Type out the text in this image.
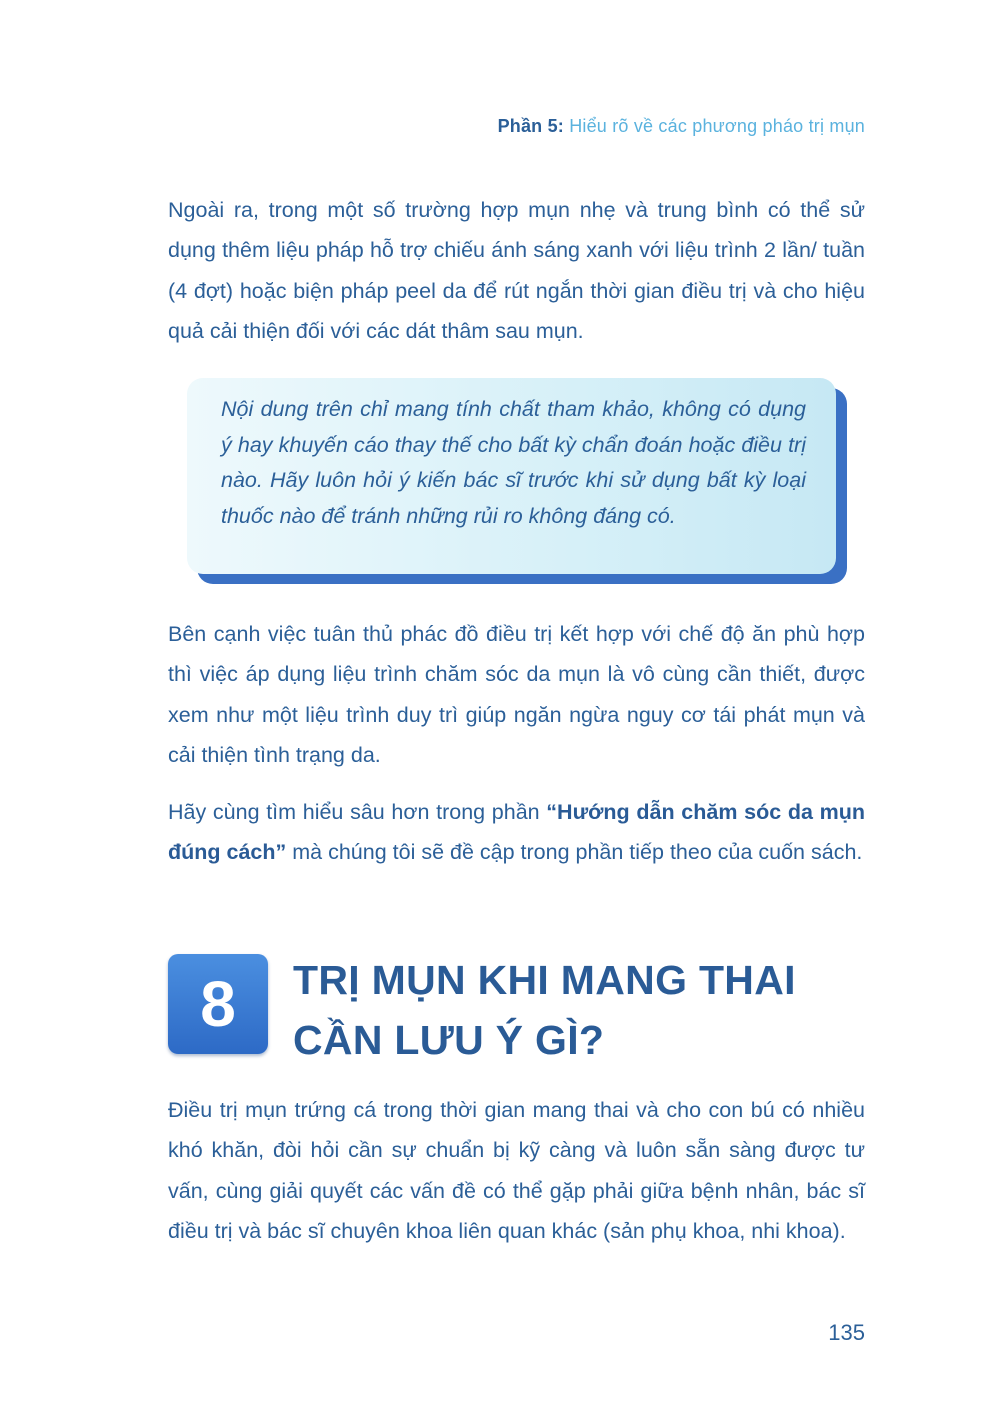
Phần 5: Hiểu rõ về các phương pháo trị mụn

Ngoài ra, trong một số trường hợp mụn nhẹ và trung bình có thể sử dụng thêm liệu pháp hỗ trợ chiếu ánh sáng xanh với liệu trình 2 lần/ tuần (4 đợt) hoặc biện pháp peel da để rút ngắn thời gian điều trị và cho hiệu quả cải thiện đối với các dát thâm sau mụn.

Nội dung trên chỉ mang tính chất tham khảo, không có dụng ý hay khuyến cáo thay thế cho bất kỳ chẩn đoán hoặc điều trị nào. Hãy luôn hỏi ý kiến bác sĩ trước khi sử dụng bất kỳ loại thuốc nào để tránh những rủi ro không đáng có.

Bên cạnh việc tuân thủ phác đồ điều trị kết hợp với chế độ ăn phù hợp thì việc áp dụng liệu trình chăm sóc da mụn là vô cùng cần thiết, được xem như một liệu trình duy trì giúp ngăn ngừa nguy cơ tái phát mụn và cải thiện tình trạng da.

Hãy cùng tìm hiểu sâu hơn trong phần “Hướng dẫn chăm sóc da mụn đúng cách” mà chúng tôi sẽ đề cập trong phần tiếp theo của cuốn sách.

8 TRỊ MỤN KHI MANG THAI
CẦN LƯU Ý GÌ?

Điều trị mụn trứng cá trong thời gian mang thai và cho con bú có nhiều khó khăn, đòi hỏi cần sự chuẩn bị kỹ càng và luôn sẵn sàng được tư vấn, cùng giải quyết các vấn đề có thể gặp phải giữa bệnh nhân, bác sĩ điều trị và bác sĩ chuyên khoa liên quan khác (sản phụ khoa, nhi khoa).

135
